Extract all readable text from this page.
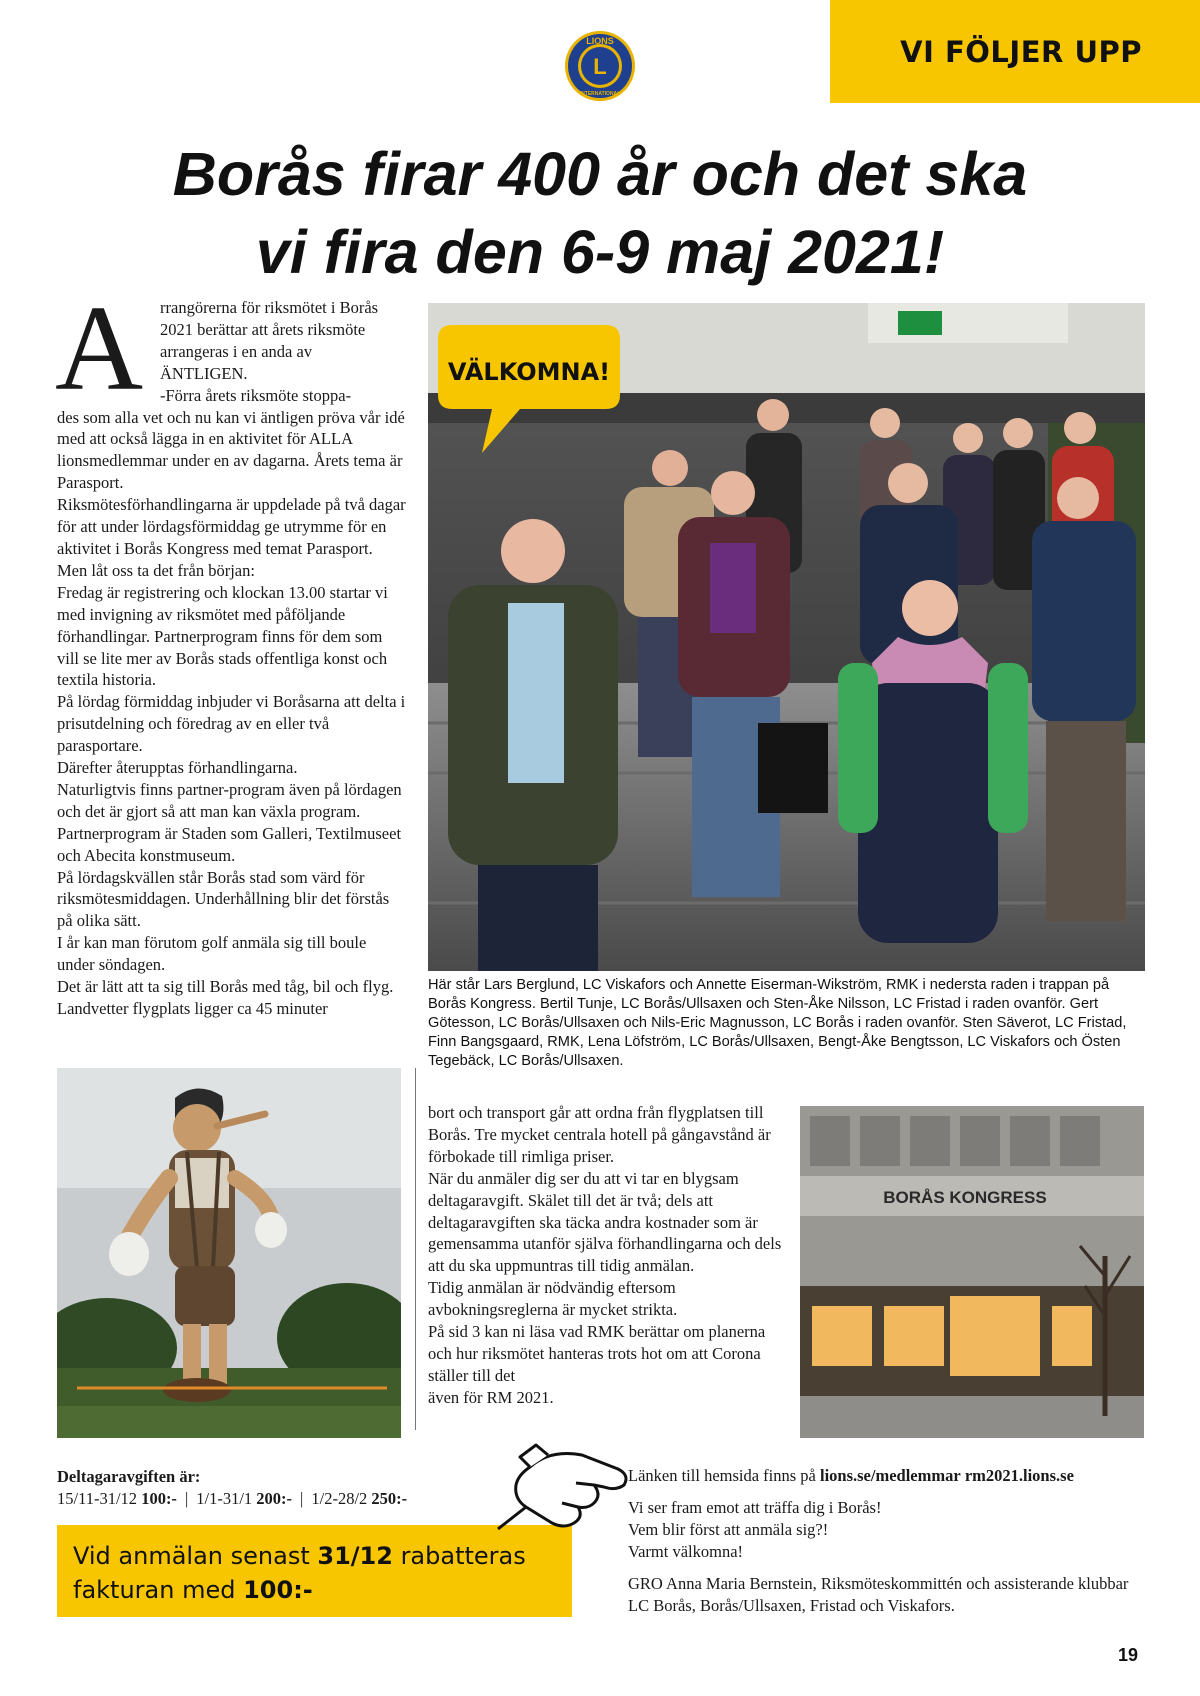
VI FÖLJER UPP
L
LIONS
INTERNATIONAL
Borås firar 400 år och det ska
vi fira den 6-9 maj 2021!
A rrangörerna för riksmötet i Borås
2021 berättar att årets riksmöte
arrangeras i en anda av
ÄNTLIGEN.
-Förra årets riksmöte stoppa-

des som alla vet och nu kan vi äntligen pröva vår idé med att också lägga in en aktivitet för ALLA lionsmedlemmar under en av dagarna. Årets tema är Parasport.

Riksmötesförhandlingarna är uppdelade på två dagar för att under lördagsförmiddag ge utrymme för en aktivitet i Borås Kongress med temat Parasport. Men låt oss ta det från början:

Fredag är registrering och klockan 13.00 startar vi med invigning av riksmötet med påföljande förhandlingar. Partnerprogram finns för dem som vill se lite mer av Borås stads offentliga konst och textila historia.

På lördag förmiddag inbjuder vi Boråsarna att delta i prisutdelning och föredrag av en eller två parasportare.

Därefter återupptas förhandlingarna.

Naturligtvis finns partner-program även på lördagen och det är gjort så att man kan växla program.

Partnerprogram är Staden som Galleri, Textilmuseet och Abecita konstmuseum.

På lördagskvällen står Borås stad som värd för riksmötesmiddagen. Underhållning blir det förstås på olika sätt.

I år kan man förutom golf anmäla sig till boule under söndagen.

Det är lätt att ta sig till Borås med tåg, bil och flyg. Landvetter flygplats ligger ca 45 minuter

VÄLKOMNA!
Här står Lars Berglund, LC Viskafors och Annette Eiserman-Wikström, RMK i nedersta raden i trappan på Borås Kongress. Bertil Tunje, LC Borås/Ullsaxen och Sten-Åke Nilsson, LC Fristad i raden ovanför. Gert Götesson, LC Borås/Ullsaxen och Nils-Eric Magnusson, LC Borås i raden ovanför. Sten Säverot, LC Fristad, Finn Bangsgaard, RMK, Lena Löfström, LC Borås/Ullsaxen, Bengt-Åke Bengtsson, LC Viskafors och Östen Tegebäck, LC Borås/Ullsaxen.

bort och transport går att ordna från flygplatsen till Borås. Tre mycket centrala hotell på gångavstånd är förbokade till rimliga priser.

När du anmäler dig ser du att vi tar en blygsam deltagaravgift. Skälet till det är två; dels att deltagaravgiften ska täcka andra kostnader som är gemensamma utanför själva förhandlingarna och dels att du ska uppmuntras till tidig anmälan.

Tidig anmälan är nödvändig eftersom avbokningsreglerna är mycket strikta.

På sid 3 kan ni läsa vad RMK berättar om planerna och hur riksmötet hanteras trots hot om att Corona ställer till det

även för RM 2021.

BORÅS KONGRESS
Deltagaravgiften är:
15/11-31/12 100:- | 1/1-31/1 200:- | 1/2-28/2 250:-
Vid anmälan senast 31/12 rabatteras
fakturan med 100:-

Länken till hemsida finns på lions.se/medlemmar rm2021.lions.se

Vi ser fram emot att träffa dig i Borås!

Vem blir först att anmäla sig?!

Varmt välkomna!

GRO Anna Maria Bernstein, Riksmöteskommittén och assisterande klubbar LC Borås, Borås/Ullsaxen, Fristad och Viskafors.

19
